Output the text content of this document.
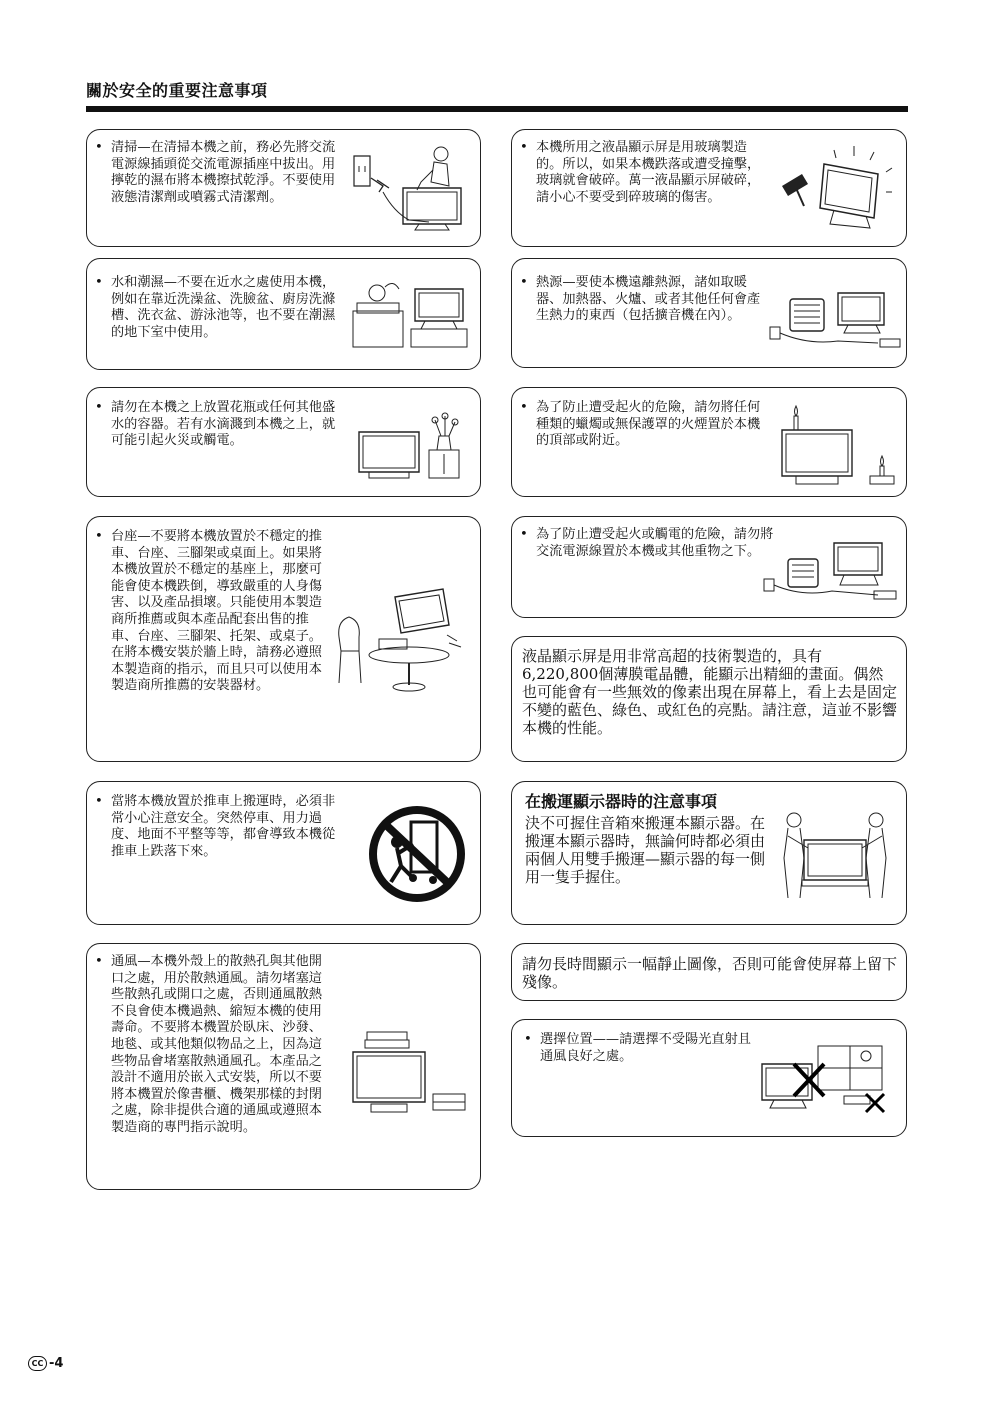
關於安全的重要注意事項
• 清掃—在清掃本機之前，務必先將交流電源線插頭從交流電源插座中拔出。用擰乾的濕布將本機擦拭乾淨。不要使用液態清潔劑或噴霧式清潔劑。
• 本機所用之液晶顯示屏是用玻璃製造的。所以，如果本機跌落或遭受撞擊，玻璃就會破碎。萬一液晶顯示屏破碎，請小心不要受到碎玻璃的傷害。
• 水和潮濕—不要在近水之處使用本機，例如在靠近洗澡盆、洗臉盆、廚房洗滌槽、洗衣盆、游泳池等，也不要在潮濕的地下室中使用。
• 熱源—要使本機遠離熱源，諸如取暖器、加熱器、火爐、或者其他任何會產生熱力的東西（包括擴音機在內）。
• 請勿在本機之上放置花瓶或任何其他盛水的容器。若有水滴濺到本機之上，就可能引起火災或觸電。
• 為了防止遭受起火的危險，請勿將任何種類的蠟燭或無保護罩的火煙置於本機的頂部或附近。
• 台座—不要將本機放置於不穩定的推車、台座、三腳架或桌面上。如果將本機放置於不穩定的基座上，那麼可能會使本機跌倒，導致嚴重的人身傷害、以及產品損壞。只能使用本製造商所推薦或與本產品配套出售的推車、台座、三腳架、托架、或桌子。
在將本機安裝於牆上時，請務必遵照本製造商的指示，而且只可以使用本製造商所推薦的安裝器材。
• 為了防止遭受起火或觸電的危險，請勿將交流電源線置於本機或其他重物之下。
液晶顯示屏是用非常高超的技術製造的，具有6,220,800個薄膜電晶體，能顯示出精細的畫面。偶然也可能會有一些無效的像素出現在屏幕上，看上去是固定不變的藍色、綠色、或紅色的亮點。請注意，這並不影響本機的性能。
• 當將本機放置於推車上搬運時，必須非常小心注意安全。突然停車、用力過度、地面不平整等等，都會導致本機從推車上跌落下來。
在搬運顯示器時的注意事項
決不可握住音箱來搬運本顯示器。在搬運本顯示器時，無論何時都必須由兩個人用雙手搬運—顯示器的每一側用一隻手握住。
• 通風—本機外殼上的散熱孔與其他開口之處，用於散熱通風。請勿堵塞這些散熱孔或開口之處，否則通風散熱不良會使本機過熱、縮短本機的使用壽命。不要將本機置於臥床、沙發、地毯、或其他類似物品之上，因為這些物品會堵塞散熱通風孔。本產品之設計不適用於嵌入式安裝，所以不要將本機置於像書櫃、機架那樣的封閉之處，除非提供合適的通風或遵照本製造商的專門指示說明。
請勿長時間顯示一幅靜止圖像，否則可能會使屏幕上留下殘像。
• 選擇位置——請選擇不受陽光直射且通風良好之處。
CC -4
